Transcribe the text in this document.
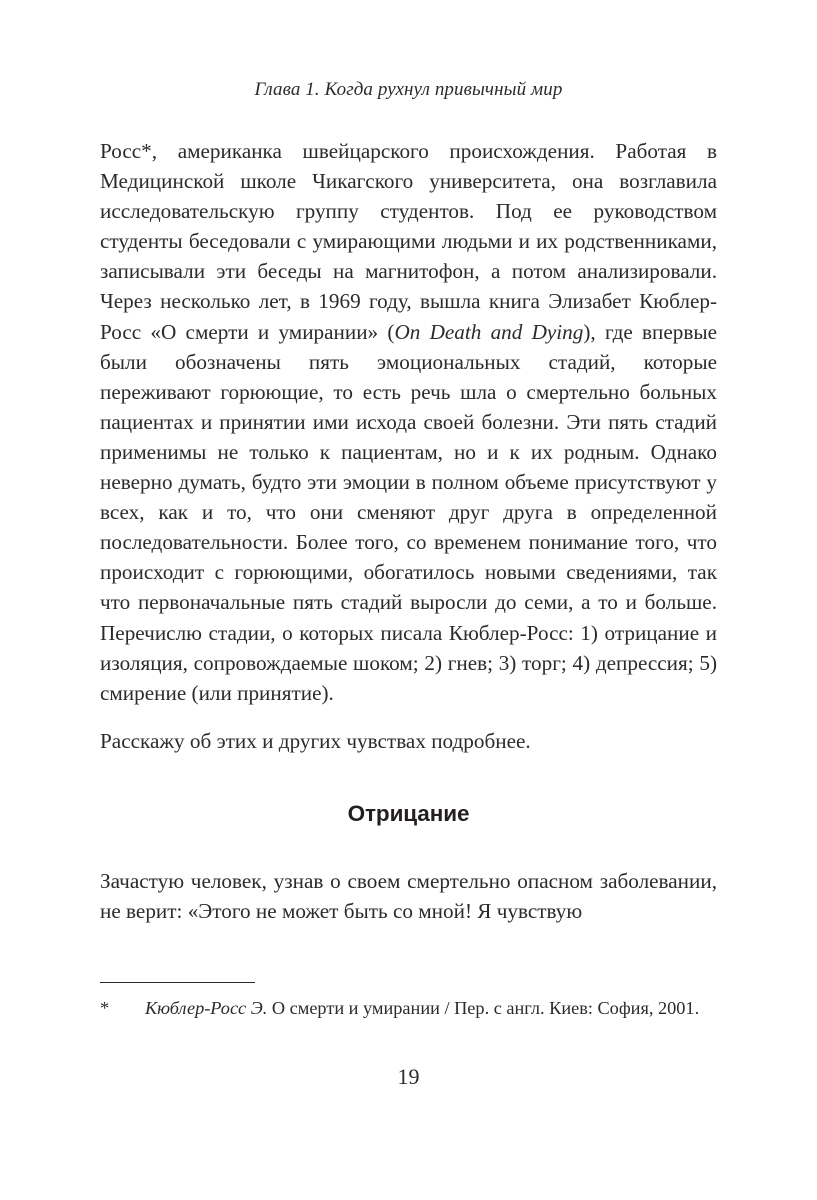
Глава 1. Когда рухнул привычный мир

Росс*, американка швейцарского происхождения. Работая в Медицинской школе Чикагского университета, она возглавила исследовательскую группу студентов. Под ее руководством студенты беседовали с умирающими людьми и их родственниками, записывали эти беседы на магнитофон, а потом анализировали. Через несколько лет, в 1969 году, вышла книга Элизабет Кюблер-Росс «О смерти и умирании» (On Death and Dying), где впервые были обозначены пять эмоциональных стадий, которые переживают горюющие, то есть речь шла о смертельно больных пациентах и принятии ими исхода своей болезни. Эти пять стадий применимы не только к пациентам, но и к их родным. Однако неверно думать, будто эти эмоции в полном объеме присутствуют у всех, как и то, что они сменяют друг друга в определенной последовательности. Более того, со временем понимание того, что происходит с горюющими, обогатилось новыми сведениями, так что первоначальные пять стадий выросли до семи, а то и больше. Перечислю стадии, о которых писала Кюблер-Росс: 1) отрицание и изоляция, сопровождаемые шоком; 2) гнев; 3) торг; 4) депрессия; 5) смирение (или принятие).

Расскажу об этих и других чувствах подробнее.

Отрицание

Зачастую человек, узнав о своем смертельно опасном заболевании, не верит: «Этого не может быть со мной! Я чувствую

*	Кюблер-Росс Э. О смерти и умирании / Пер. с англ. Киев: София, 2001.
19
